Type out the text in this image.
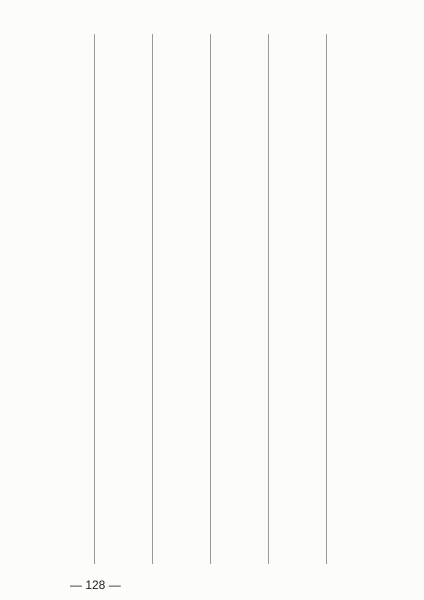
— 128 —
